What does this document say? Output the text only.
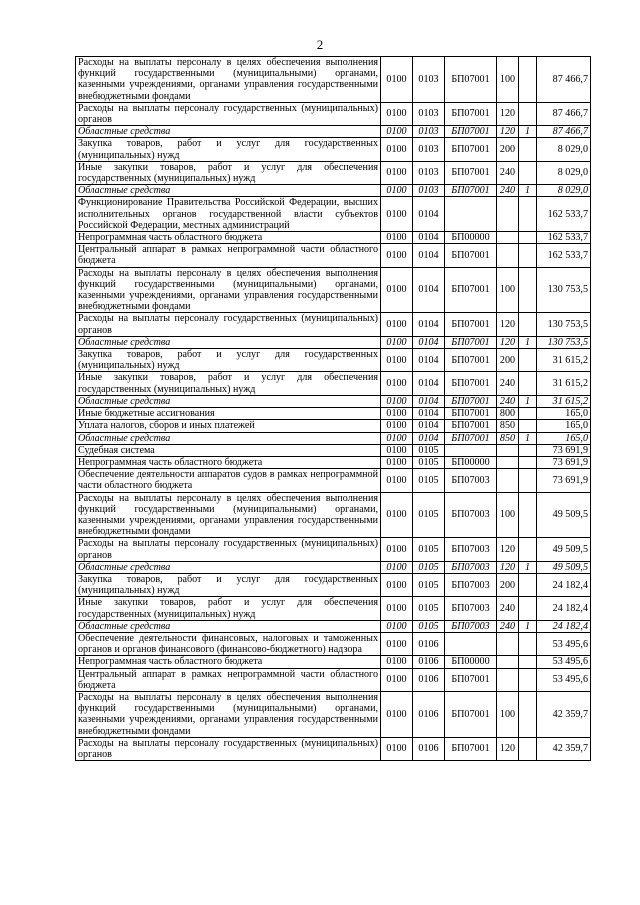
2
Расходы на выплаты персоналу в целях обеспечения выполнения функций государственными (муниципальными) органами, казенными учреждениями, органами управления государственными внебюджетными фондами	0100	0103	БП07001	100		87 466,7
Расходы на выплаты персоналу государственных (муниципальных) органов	0100	0103	БП07001	120		87 466,7
Областные средства	0100	0103	БП07001	120	1	87 466,7
Закупка товаров, работ и услуг для государственных (муниципальных) нужд	0100	0103	БП07001	200		8 029,0
Иные закупки товаров, работ и услуг для обеспечения государственных (муниципальных) нужд	0100	0103	БП07001	240		8 029,0
Областные средства	0100	0103	БП07001	240	1	8 029,0
Функционирование Правительства Российской Федерации, высших исполнительных органов государственной власти субъектов Российской Федерации, местных администраций	0100	0104				162 533,7
Непрограммная часть областного бюджета	0100	0104	БП00000			162 533,7
Центральный аппарат в рамках непрограммной части областного бюджета	0100	0104	БП07001			162 533,7
Расходы на выплаты персоналу в целях обеспечения выполнения функций государственными (муниципальными) органами, казенными учреждениями, органами управления государственными внебюджетными фондами	0100	0104	БП07001	100		130 753,5
Расходы на выплаты персоналу государственных (муниципальных) органов	0100	0104	БП07001	120		130 753,5
Областные средства	0100	0104	БП07001	120	1	130 753,5
Закупка товаров, работ и услуг для государственных (муниципальных) нужд	0100	0104	БП07001	200		31 615,2
Иные закупки товаров, работ и услуг для обеспечения государственных (муниципальных) нужд	0100	0104	БП07001	240		31 615,2
Областные средства	0100	0104	БП07001	240	1	31 615,2
Иные бюджетные ассигнования	0100	0104	БП07001	800		165,0
Уплата налогов, сборов и иных платежей	0100	0104	БП07001	850		165,0
Областные средства	0100	0104	БП07001	850	1	165,0
Судебная система	0100	0105				73 691,9
Непрограммная часть областного бюджета	0100	0105	БП00000			73 691,9
Обеспечение деятельности аппаратов судов в рамках непрограммной части областного бюджета	0100	0105	БП07003			73 691,9
Расходы на выплаты персоналу в целях обеспечения выполнения функций государственными (муниципальными) органами, казенными учреждениями, органами управления государственными внебюджетными фондами	0100	0105	БП07003	100		49 509,5
Расходы на выплаты персоналу государственных (муниципальных) органов	0100	0105	БП07003	120		49 509,5
Областные средства	0100	0105	БП07003	120	1	49 509,5
Закупка товаров, работ и услуг для государственных (муниципальных) нужд	0100	0105	БП07003	200		24 182,4
Иные закупки товаров, работ и услуг для обеспечения государственных (муниципальных) нужд	0100	0105	БП07003	240		24 182,4
Областные средства	0100	0105	БП07003	240	1	24 182,4
Обеспечение деятельности финансовых, налоговых и таможенных органов и органов финансового (финансово-бюджетного) надзора	0100	0106				53 495,6
Непрограммная часть областного бюджета	0100	0106	БП00000			53 495,6
Центральный аппарат в рамках непрограммной части областного бюджета	0100	0106	БП07001			53 495,6
Расходы на выплаты персоналу в целях обеспечения выполнения функций государственными (муниципальными) органами, казенными учреждениями, органами управления государственными внебюджетными фондами	0100	0106	БП07001	100		42 359,7
Расходы на выплаты персоналу государственных (муниципальных) органов	0100	0106	БП07001	120		42 359,7
